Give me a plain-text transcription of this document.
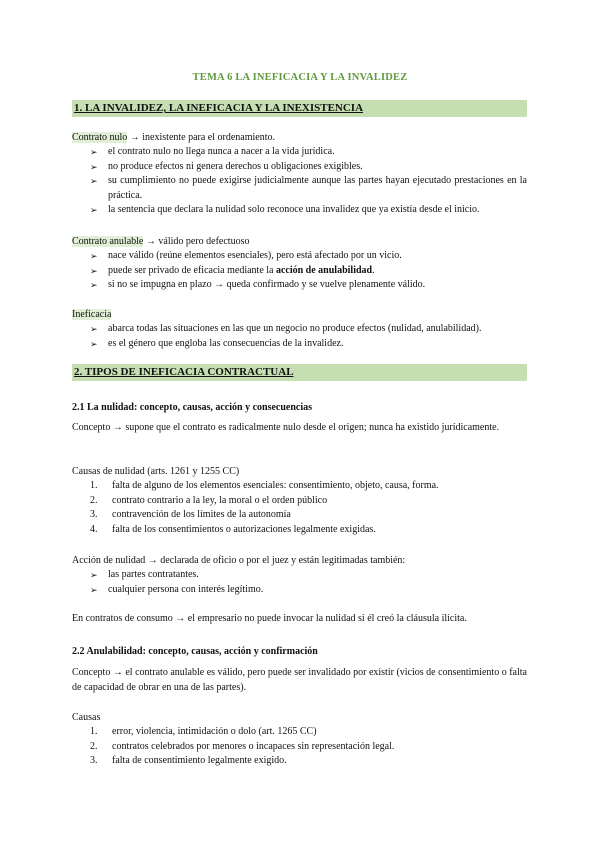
TEMA 6 LA INEFICACIA Y LA INVALIDEZ
1. LA INVALIDEZ, LA INEFICACIA Y LA INEXISTENCIA
Contrato nulo → inexistente para el ordenamiento.
➢ el contrato nulo no llega nunca a nacer a la vida jurídica.
➢ no produce efectos ni genera derechos u obligaciones exigibles.
➢ su cumplimiento no puede exigirse judicialmente aunque las partes hayan ejecutado prestaciones en la práctica.
➢ la sentencia que declara la nulidad solo reconoce una invalidez que ya existía desde el inicio.
Contrato anulable → válido pero defectuoso
➢ nace válido (reúne elementos esenciales), pero está afectado por un vicio.
➢ puede ser privado de eficacia mediante la acción de anulabilidad.
➢ si no se impugna en plazo → queda confirmado y se vuelve plenamente válido.
Ineficacia
➢ abarca todas las situaciones en las que un negocio no produce efectos (nulidad, anulabilidad).
➢ es el género que engloba las consecuencias de la invalidez.
2. TIPOS DE INEFICACIA CONTRACTUAL
2.1 La nulidad: concepto, causas, acción y consecuencias
Concepto → supone que el contrato es radicalmente nulo desde el origen; nunca ha existido jurídicamente.
Causas de nulidad (arts. 1261 y 1255 CC)
1. falta de alguno de los elementos esenciales: consentimiento, objeto, causa, forma.
2. contrato contrario a la ley, la moral o el orden público
3. contravención de los límites de la autonomía
4. falta de los consentimientos o autorizaciones legalmente exigidas.
Acción de nulidad → declarada de oficio o por el juez y están legitimadas también:
➢ las partes contratantes.
➢ cualquier persona con interés legítimo.
En contratos de consumo → el empresario no puede invocar la nulidad si él creó la cláusula ilícita.
2.2 Anulabilidad: concepto, causas, acción y confirmación
Concepto → el contrato anulable es válido, pero puede ser invalidado por existir (vicios de consentimiento o falta de capacidad de obrar en una de las partes).
Causas
1. error, violencia, intimidación o dolo (art. 1265 CC)
2. contratos celebrados por menores o incapaces sin representación legal.
3. falta de consentimiento legalmente exigido.
